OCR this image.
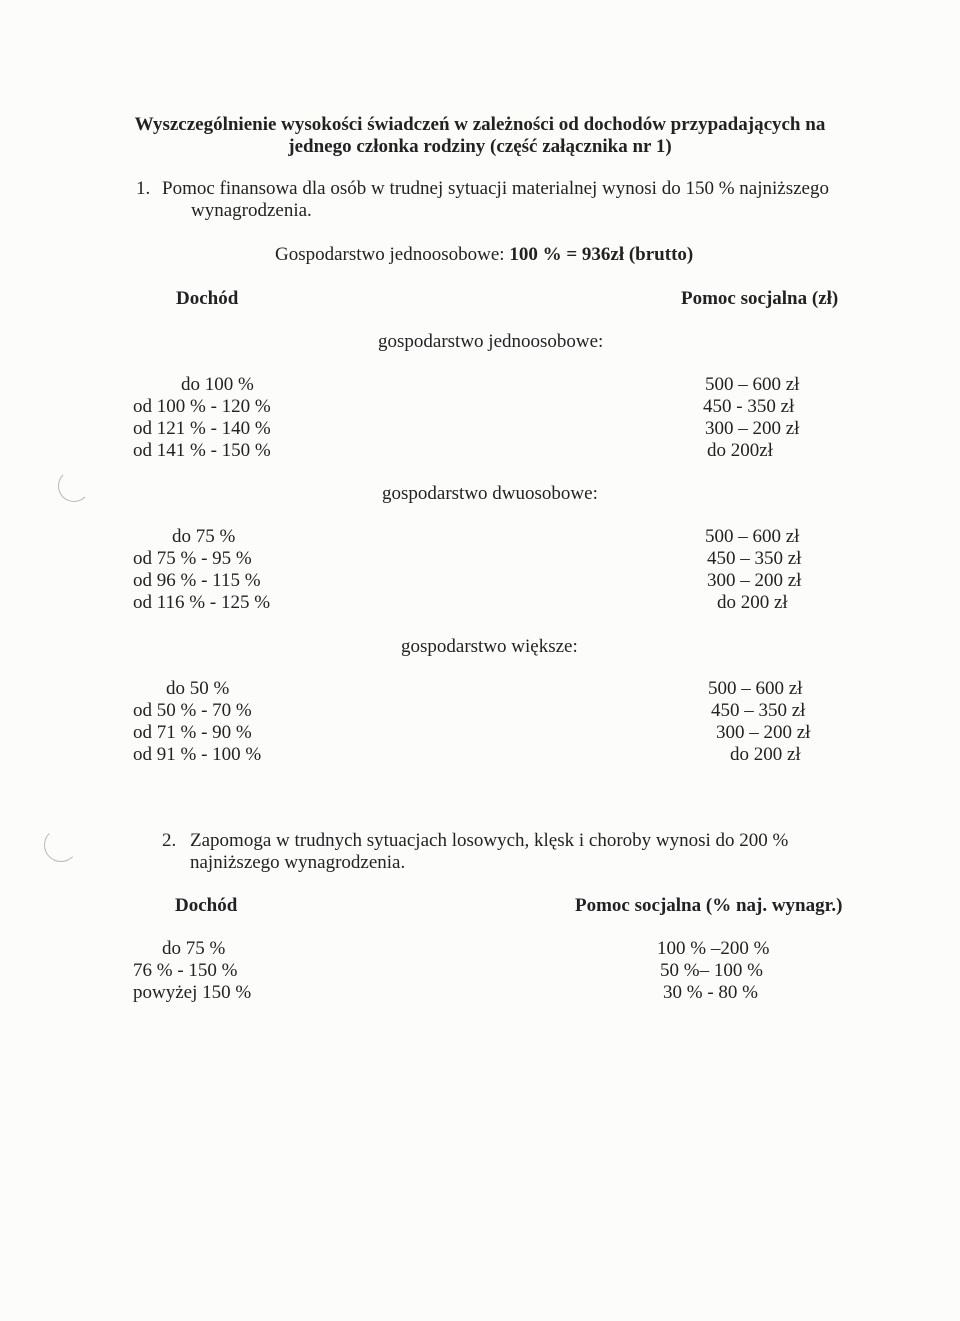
Wyszczególnienie wysokości świadczeń w zależności od dochodów przypadających na
jednego członka rodziny (część załącznika nr 1)
1. Pomoc finansowa dla osób w trudnej sytuacji materialnej wynosi do 150 % najniższego
wynagrodzenia.
Gospodarstwo jednoosobowe: 100 % = 936zł (brutto)
Dochód	Pomoc socjalna (zł)
gospodarstwo jednoosobowe:
do 100 %
od 100 % - 120 %
od 121 % - 140 %
od 141 % - 150 %
500 – 600 zł
450 - 350 zł
300 – 200 zł
do 200zł
gospodarstwo dwuosobowe:
do 75 %
od 75 % - 95 %
od 96 % - 115 %
od 116 % - 125 %
500 – 600 zł
450 – 350 zł
300 – 200 zł
do 200 zł
gospodarstwo większe:
do 50 %
od 50 % - 70 %
od 71 % - 90 %
od 91 % - 100 %
500 – 600 zł
450 – 350 zł
300 – 200 zł
do 200 zł
2. Zapomoga w trudnych sytuacjach losowych, klęsk i choroby wynosi do 200 %
najniższego wynagrodzenia.
Dochód	Pomoc socjalna (% naj. wynagr.)
do 75 %
76 % - 150 %
powyżej 150 %
100 % –200 %
50 %– 100 %
30 % - 80 %
